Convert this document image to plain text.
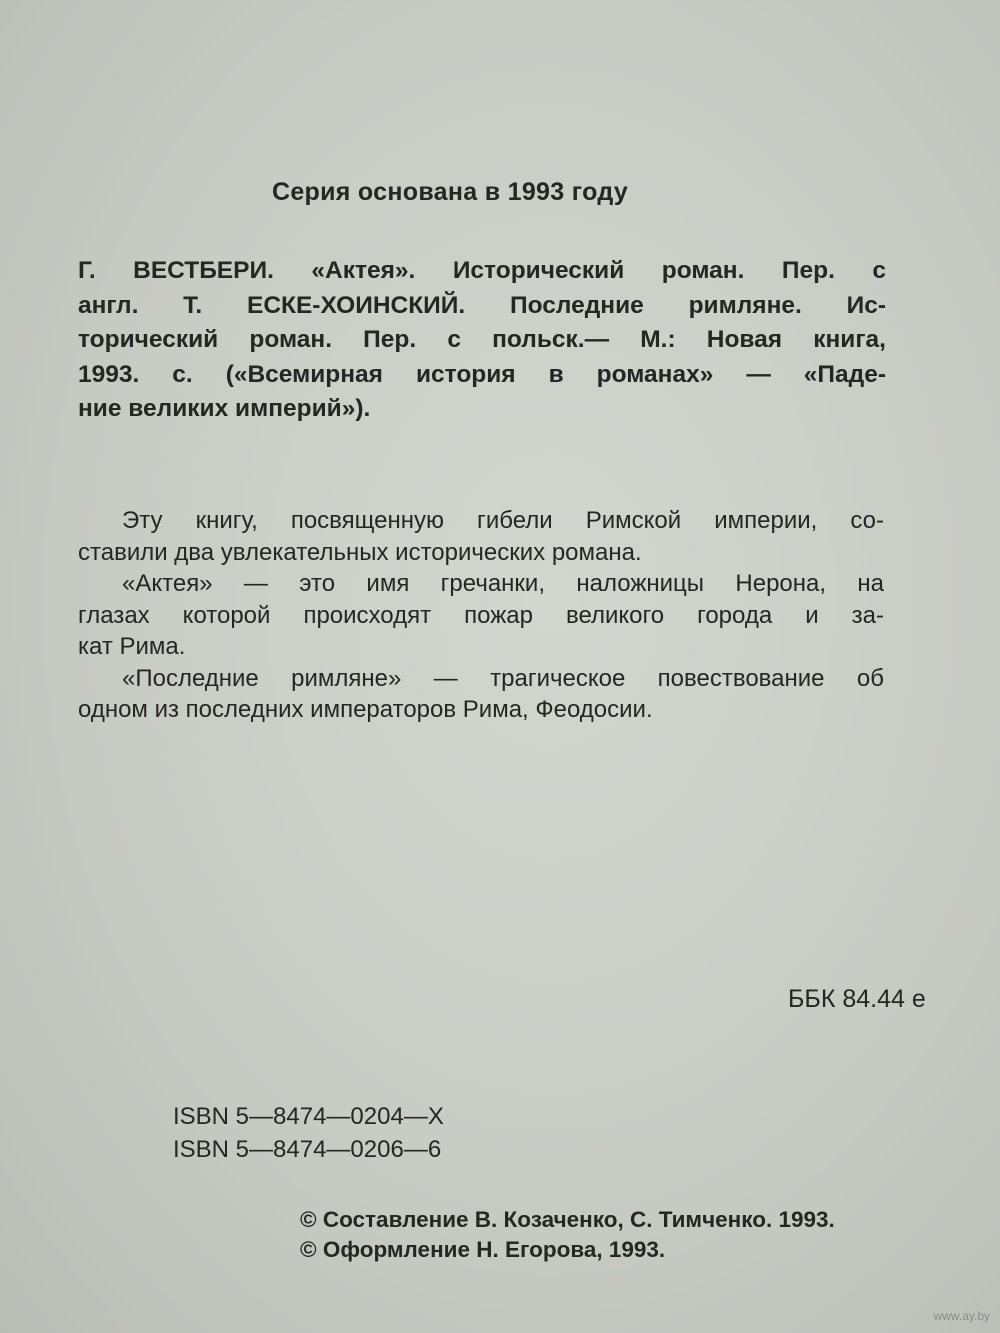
Серия основана в 1993 году
Г. ВЕСТБЕРИ. «Актея». Исторический роман. Пер. с
англ. Т. ЕСКЕ-ХОИНСКИЙ. Последние римляне. Ис-
торический роман. Пер. с польск.— М.: Новая книга,
1993. с. («Всемирная история в романах» — «Паде-
ние великих империй»).
Эту книгу, посвященную гибели Римской империи, со-
ставили два увлекательных исторических романа.
«Актея» — это имя гречанки, наложницы Нерона, на
глазах которой происходят пожар великого города и за-
кат Рима.
«Последние римляне» — трагическое повествование об
одном из последних императоров Рима, Феодосии.
ББК 84.44 е
ISBN 5—8474—0204—X
ISBN 5—8474—0206—6
© Составление В. Козаченко, С. Тимченко. 1993.
© Оформление Н. Егорова, 1993.
www.ay.by
